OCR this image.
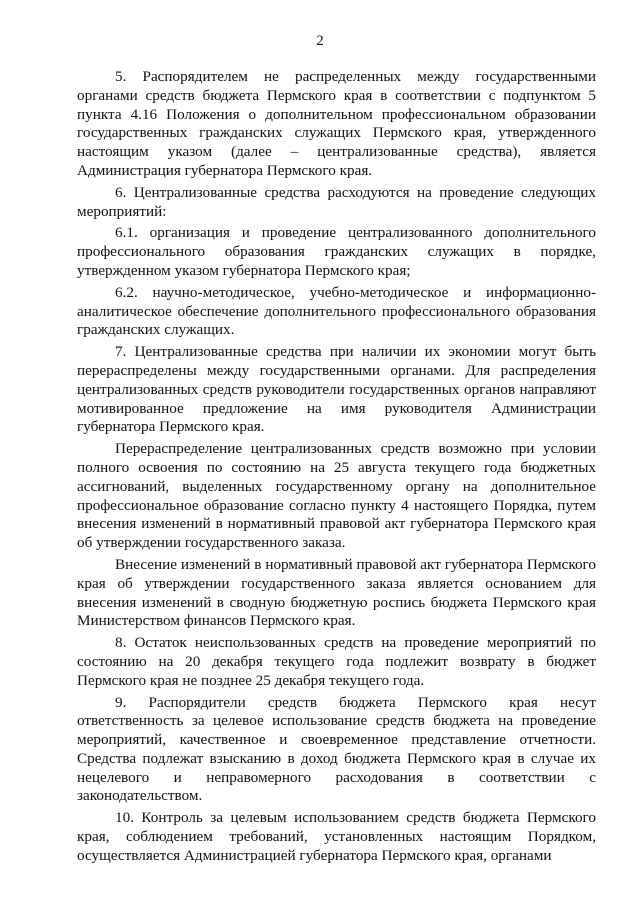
2

5. Распорядителем не распределенных между государственными органами средств бюджета Пермского края в соответствии с подпунктом 5 пункта 4.16 Положения о дополнительном профессиональном образовании государственных гражданских служащих Пермского края, утвержденного настоящим указом (далее – централизованные средства), является Администрация губернатора Пермского края.

6. Централизованные средства расходуются на проведение следующих мероприятий:

6.1. организация и проведение централизованного дополнительного профессионального образования гражданских служащих в порядке, утвержденном указом губернатора Пермского края;

6.2. научно-методическое, учебно-методическое и информационно-аналитическое обеспечение дополнительного профессионального образования гражданских служащих.

7. Централизованные средства при наличии их экономии могут быть перераспределены между государственными органами. Для распределения централизованных средств руководители государственных органов направляют мотивированное предложение на имя руководителя Администрации губернатора Пермского края.

Перераспределение централизованных средств возможно при условии полного освоения по состоянию на 25 августа текущего года бюджетных ассигнований, выделенных государственному органу на дополнительное профессиональное образование согласно пункту 4 настоящего Порядка, путем внесения изменений в нормативный правовой акт губернатора Пермского края об утверждении государственного заказа.

Внесение изменений в нормативный правовой акт губернатора Пермского края об утверждении государственного заказа является основанием для внесения изменений в сводную бюджетную роспись бюджета Пермского края Министерством финансов Пермского края.

8. Остаток неиспользованных средств на проведение мероприятий по состоянию на 20 декабря текущего года подлежит возврату в бюджет Пермского края не позднее 25 декабря текущего года.

9. Распорядители средств бюджета Пермского края несут ответственность за целевое использование средств бюджета на проведение мероприятий, качественное и своевременное представление отчетности. Средства подлежат взысканию в доход бюджета Пермского края в случае их нецелевого и неправомерного расходования в соответствии с законодательством.

10. Контроль за целевым использованием средств бюджета Пермского края, соблюдением требований, установленных настоящим Порядком, осуществляется Администрацией губернатора Пермского края, органами
